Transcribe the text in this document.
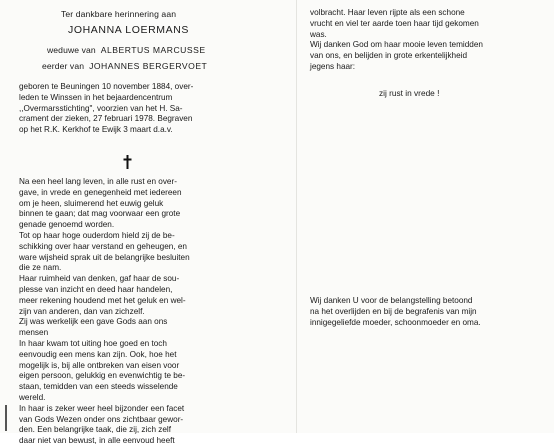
Ter dankbare herinnering aan
JOHANNA LOERMANS
weduwe van ALBERTUS MARCUSSE
eerder van JOHANNES BERGERVOET
geboren te Beuningen 10 november 1884, over-
leden te Winssen in het bejaardencentrum
,,Overmarsstichting", voorzien van het H. Sa-
crament der zieken, 27 februari 1978. Begraven
op het R.K. Kerkhof te Ewijk 3 maart d.a.v.
Na een heel lang leven, in alle rust en over-
gave, in vrede en genegenheid met iedereen
om je heen, sluimerend het euwig geluk
binnen te gaan; dat mag voorwaar een grote
genade genoemd worden.
Tot op haar hoge ouderdom hield zij de be-
schikking over haar verstand en geheugen, en
ware wijsheid sprak uit de belangrijke besluiten
die ze nam.
Haar ruimheid van denken, gaf haar de sou-
plesse van inzicht en deed haar handelen,
meer rekening houdend met het geluk en wel-
zijn van anderen, dan van zichzelf.
Zij was werkelijk een gave Gods aan ons
mensen
In haar kwam tot uiting hoe goed en toch
eenvoudig een mens kan zijn. Ook, hoe het
mogelijk is, bij alle ontbreken van eisen voor
eigen persoon, gelukkig en evenwichtig te be-
staan, temidden van een steeds wisselende
wereld.
In haar is zeker weer heel bijzonder een facet
van Gods Wezen onder ons zichtbaar gewor-
den. Een belangrijke taak, die zij, zich zelf
daar niet van bewust, in alle eenvoud heeft
volbracht. Haar leven rijpte als een schone
vrucht en viel ter aarde toen haar tijd gekomen
was.
Wij danken God om haar mooie leven temidden
van ons, en belijden in grote erkentelijkheid
jegens haar:
zij rust in vrede !
Wij danken U voor de belangstelling betoond
na het overlijden en bij de begrafenis van mijn
innigegeliefde moeder, schoonmoeder en oma.
